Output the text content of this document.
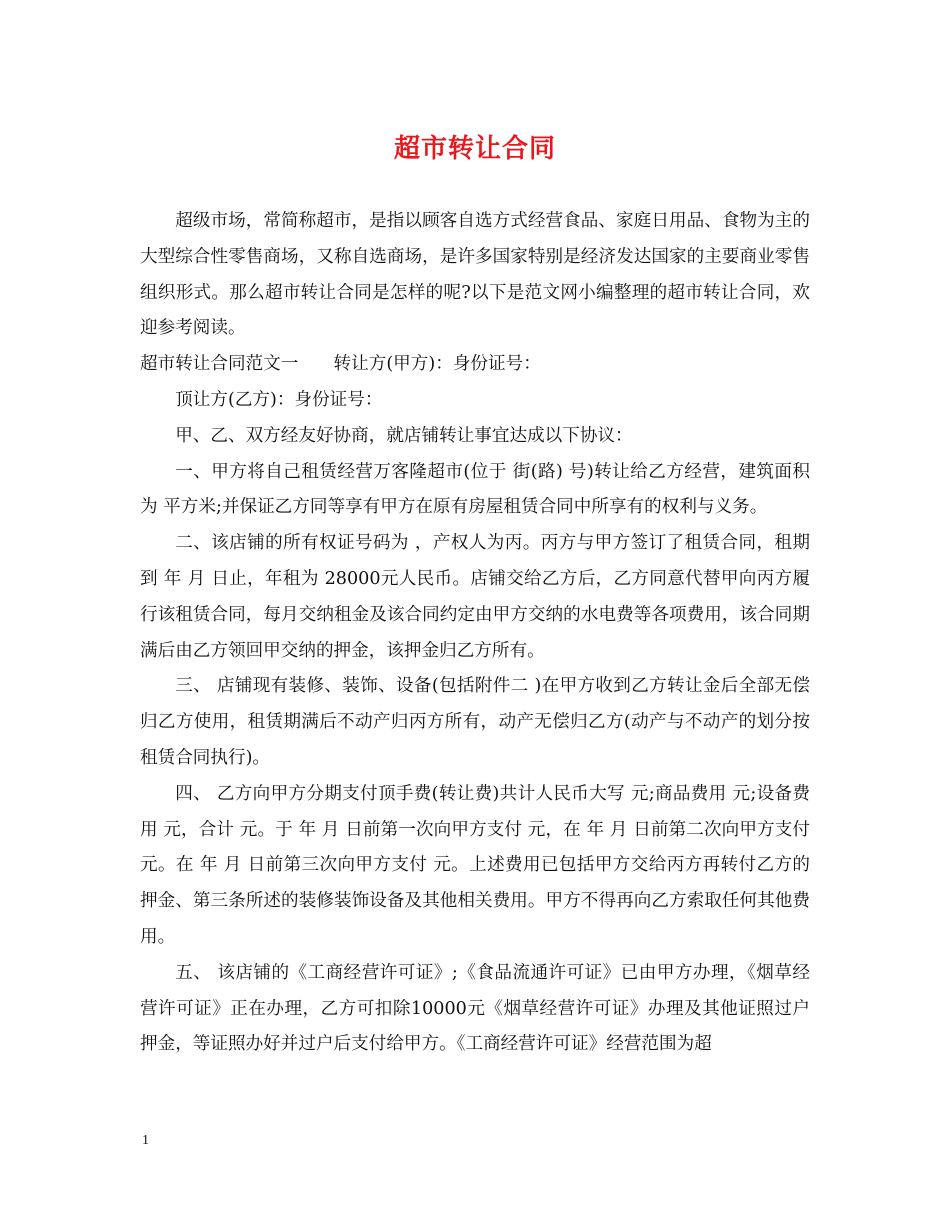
超市转让合同

超级市场，常简称超市，是指以顾客自选方式经营食品、家庭日用品、食物为主的大型综合性零售商场，又称自选商场，是许多国家特别是经济发达国家的主要商业零售组织形式。那么超市转让合同是怎样的呢?以下是范文网小编整理的超市转让合同，欢迎参考阅读。

超市转让合同范文一　　转让方(甲方)：身份证号：

顶让方(乙方)：身份证号：

甲、乙、双方经友好协商，就店铺转让事宜达成以下协议：

一、甲方将自己租赁经营万客隆超市(位于 街(路) 号)转让给乙方经营，建筑面积为 平方米;并保证乙方同等享有甲方在原有房屋租赁合同中所享有的权利与义务。

二、该店铺的所有权证号码为 ，产权人为丙。丙方与甲方签订了租赁合同，租期到 年 月 日止，年租为 28000元人民币。店铺交给乙方后，乙方同意代替甲向丙方履行该租赁合同，每月交纳租金及该合同约定由甲方交纳的水电费等各项费用，该合同期满后由乙方领回甲交纳的押金，该押金归乙方所有。

三、 店铺现有装修、装饰、设备(包括附件二 )在甲方收到乙方转让金后全部无偿归乙方使用，租赁期满后不动产归丙方所有，动产无偿归乙方(动产与不动产的划分按租赁合同执行)。

四、 乙方向甲方分期支付顶手费(转让费)共计人民币大写 元;商品费用 元;设备费用 元，合计 元。于 年 月 日前第一次向甲方支付 元，在 年 月 日前第二次向甲方支付 元。在 年 月 日前第三次向甲方支付 元。上述费用已包括甲方交给丙方再转付乙方的押金、第三条所述的装修装饰设备及其他相关费用。甲方不得再向乙方索取任何其他费用。

五、 该店铺的《工商经营许可证》;《食品流通许可证》已由甲方办理，《烟草经营许可证》正在办理，乙方可扣除10000元《烟草经营许可证》办理及其他证照过户押金，等证照办好并过户后支付给甲方。《工商经营许可证》经营范围为超

1
